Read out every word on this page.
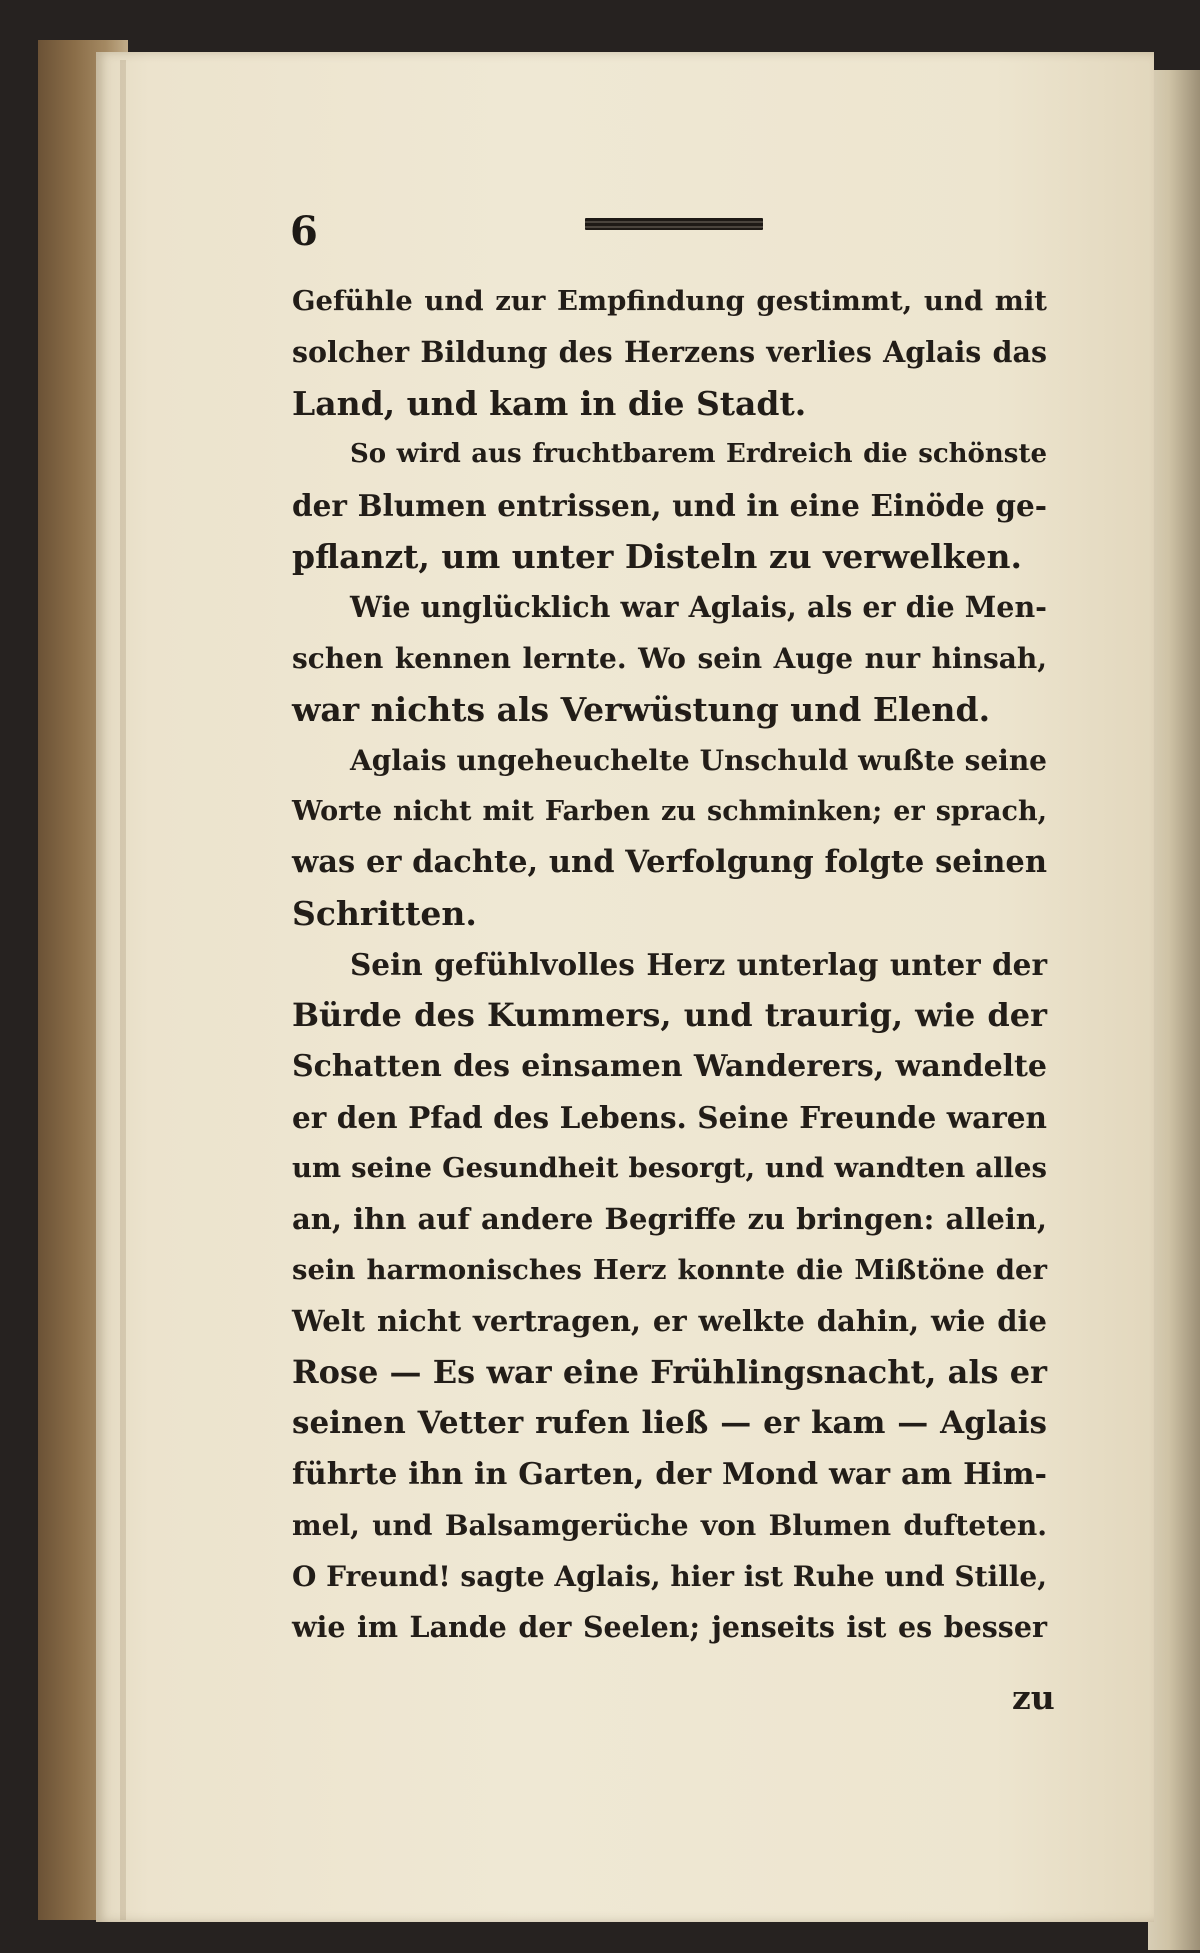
6
Gefühle und zur Empfindung gestimmt, und mit
solcher Bildung des Herzens verlies Aglais das
Land, und kam in die Stadt.
So wird aus fruchtbarem Erdreich die schönste
der Blumen entrissen, und in eine Einöde ge-
pflanzt, um unter Disteln zu verwelken.
Wie unglücklich war Aglais, als er die Men-
schen kennen lernte. Wo sein Auge nur hinsah,
war nichts als Verwüstung und Elend.
Aglais ungeheuchelte Unschuld wußte seine
Worte nicht mit Farben zu schminken; er sprach,
was er dachte, und Verfolgung folgte seinen
Schritten.
Sein gefühlvolles Herz unterlag unter der
Bürde des Kummers, und traurig, wie der
Schatten des einsamen Wanderers, wandelte
er den Pfad des Lebens. Seine Freunde waren
um seine Gesundheit besorgt, und wandten alles
an, ihn auf andere Begriffe zu bringen: allein,
sein harmonisches Herz konnte die Mißtöne der
Welt nicht vertragen, er welkte dahin, wie die
Rose — Es war eine Frühlingsnacht, als er
seinen Vetter rufen ließ — er kam — Aglais
führte ihn in Garten, der Mond war am Him-
mel, und Balsamgerüche von Blumen dufteten.
O Freund! sagte Aglais, hier ist Ruhe und Stille,
wie im Lande der Seelen; jenseits ist es besser
zu
